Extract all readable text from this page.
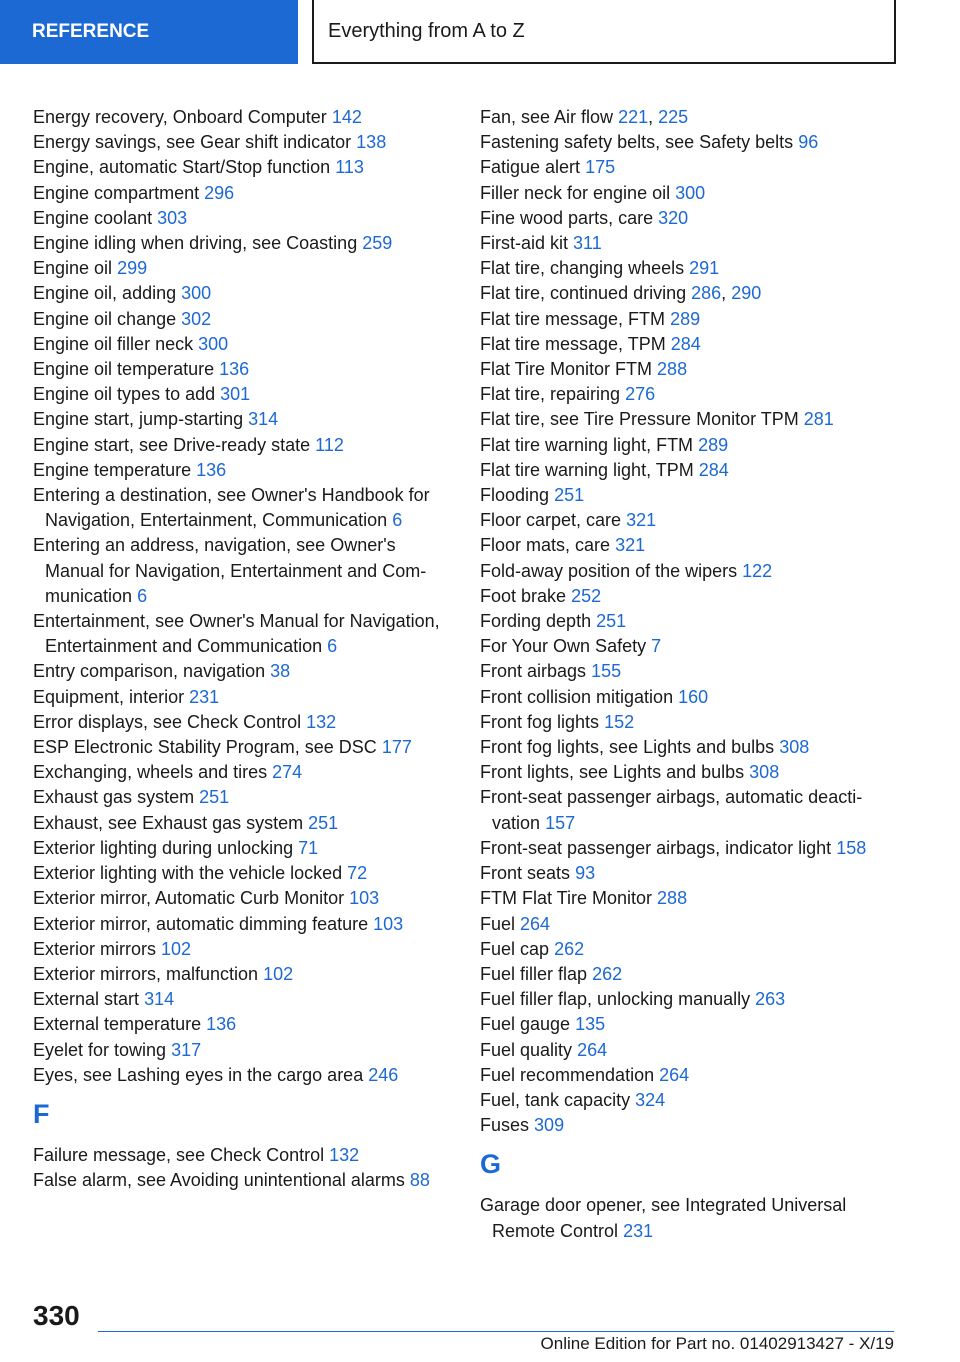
REFERENCE	Everything from A to Z
Energy recovery, Onboard Computer 142
Energy savings, see Gear shift indicator 138
Engine, automatic Start/Stop function 113
Engine compartment 296
Engine coolant 303
Engine idling when driving, see Coasting 259
Engine oil 299
Engine oil, adding 300
Engine oil change 302
Engine oil filler neck 300
Engine oil temperature 136
Engine oil types to add 301
Engine start, jump-starting 314
Engine start, see Drive-ready state 112
Engine temperature 136
Entering a destination, see Owner's Handbook for Navigation, Entertainment, Communication 6
Entering an address, navigation, see Owner's Manual for Navigation, Entertainment and Communication 6
Entertainment, see Owner's Manual for Navigation, Entertainment and Communication 6
Entry comparison, navigation 38
Equipment, interior 231
Error displays, see Check Control 132
ESP Electronic Stability Program, see DSC 177
Exchanging, wheels and tires 274
Exhaust gas system 251
Exhaust, see Exhaust gas system 251
Exterior lighting during unlocking 71
Exterior lighting with the vehicle locked 72
Exterior mirror, Automatic Curb Monitor 103
Exterior mirror, automatic dimming feature 103
Exterior mirrors 102
Exterior mirrors, malfunction 102
External start 314
External temperature 136
Eyelet for towing 317
Eyes, see Lashing eyes in the cargo area 246
F
Failure message, see Check Control 132
False alarm, see Avoiding unintentional alarms 88
Fan, see Air flow 221, 225
Fastening safety belts, see Safety belts 96
Fatigue alert 175
Filler neck for engine oil 300
Fine wood parts, care 320
First-aid kit 311
Flat tire, changing wheels 291
Flat tire, continued driving 286, 290
Flat tire message, FTM 289
Flat tire message, TPM 284
Flat Tire Monitor FTM 288
Flat tire, repairing 276
Flat tire, see Tire Pressure Monitor TPM 281
Flat tire warning light, FTM 289
Flat tire warning light, TPM 284
Flooding 251
Floor carpet, care 321
Floor mats, care 321
Fold-away position of the wipers 122
Foot brake 252
Fording depth 251
For Your Own Safety 7
Front airbags 155
Front collision mitigation 160
Front fog lights 152
Front fog lights, see Lights and bulbs 308
Front lights, see Lights and bulbs 308
Front-seat passenger airbags, automatic deactivation 157
Front-seat passenger airbags, indicator light 158
Front seats 93
FTM Flat Tire Monitor 288
Fuel 264
Fuel cap 262
Fuel filler flap 262
Fuel filler flap, unlocking manually 263
Fuel gauge 135
Fuel quality 264
Fuel recommendation 264
Fuel, tank capacity 324
Fuses 309
G
Garage door opener, see Integrated Universal Remote Control 231
330
Online Edition for Part no. 01402913427 - X/19
